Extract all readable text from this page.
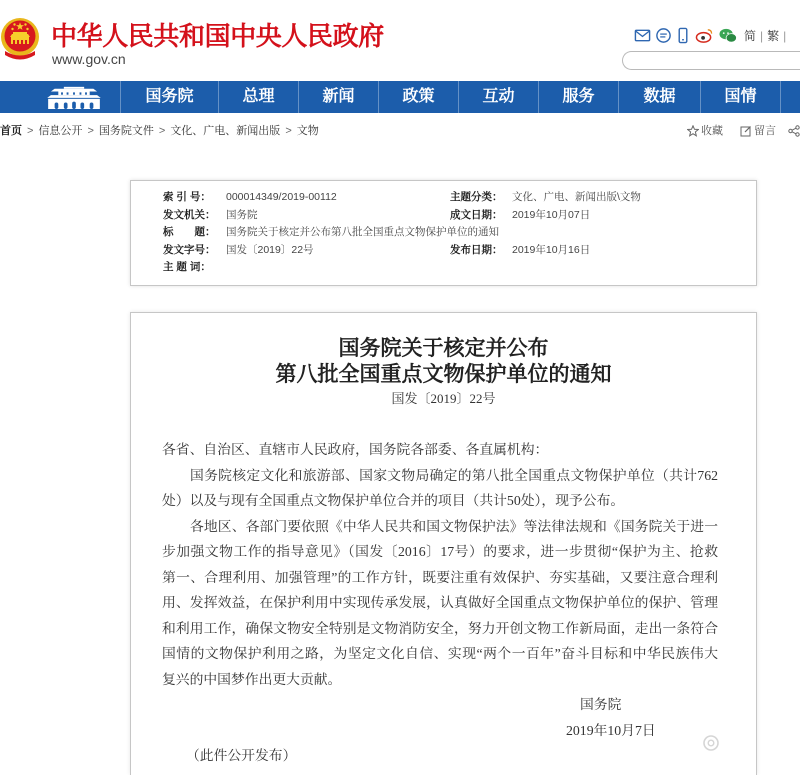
中华人民共和国中央人民政府
www.gov.cn
简 | 繁 |
国务院	总理	新闻	政策	互动	服务	数据	国情
首页 > 信息公开 > 国务院文件 > 文化、广电、新闻出版 > 文物	收藏	留言
索 引 号： 000014349/2019-00112	主题分类： 文化、广电、新闻出版\文物
发文机关： 国务院	成文日期： 2019年10月07日
标　　题： 国务院关于核定并公布第八批全国重点文物保护单位的通知
发文字号： 国发〔2019〕22号	发布日期： 2019年10月16日
主 题 词：
国务院关于核定并公布
第八批全国重点文物保护单位的通知
国发〔2019〕22号
各省、自治区、直辖市人民政府，国务院各部委、各直属机构：
国务院核定文化和旅游部、国家文物局确定的第八批全国重点文物保护单位（共计762
处）以及与现有全国重点文物保护单位合并的项目（共计50处），现予公布。
各地区、各部门要依照《中华人民共和国文物保护法》等法律法规和《国务院关于进一
步加强文物工作的指导意见》（国发〔2016〕17号）的要求，进一步贯彻“保护为主、抢救
第一、合理利用、加强管理”的工作方针，既要注重有效保护、夯实基础，又要注意合理利
用、发挥效益，在保护利用中实现传承发展，认真做好全国重点文物保护单位的保护、管理
和利用工作，确保文物安全特别是文物消防安全，努力开创文物工作新局面，走出一条符合
国情的文物保护利用之路，为坚定文化自信、实现“两个一百年”奋斗目标和中华民族伟大
复兴的中国梦作出更大贡献。
国务院
2019年10月7日
（此件公开发布）
